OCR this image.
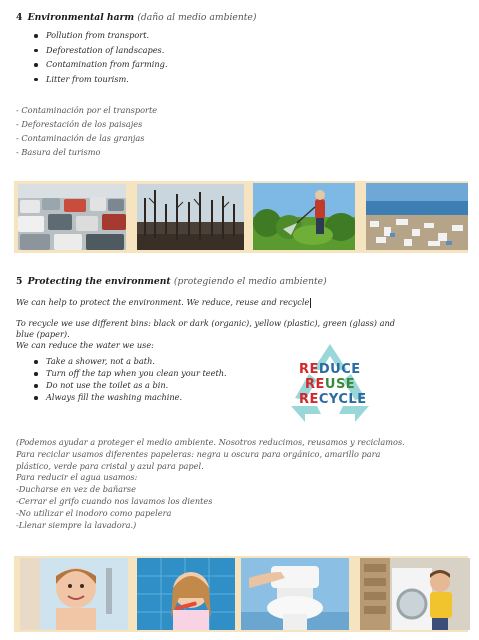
4 Environmental harm (daño al medio ambiente)
Pollution from transport.
Deforestation of landscapes.
Contamination from farming.
Litter from tourism.
- Contaminación por el transporte
- Deforestación de los paisajes
- Contaminación de las granjas
- Basura del turismo
5 Protecting the environment (protegiendo el medio ambiente)
We can help to protect the environment. We reduce, reuse and recycle
To recycle we use different bins: black or dark (organic), yellow (plastic), green (glass) and
blue (paper).
We can reduce the water we use:
Take a shower, not a bath.
Turn off the tap when you clean your teeth.
Do not use the toilet as a bin.
Always fill the washing machine.
REDUCE
REUSE
RECYCLE
(Podemos ayudar a proteger el medio ambiente. Nosotros reducimos, reusamos y reciclamos.
Para reciclar usamos diferentes papeleras: negra u oscura para orgánico, amarillo para
plástico, verde para cristal y azul para papel.
Para reducir el agua usamos:
-Ducharse en vez de bañarse
-Cerrar el grifo cuando nos lavamos los dientes
-No utilizar el inodoro como papelera
-Llenar siempre la lavadora.)
